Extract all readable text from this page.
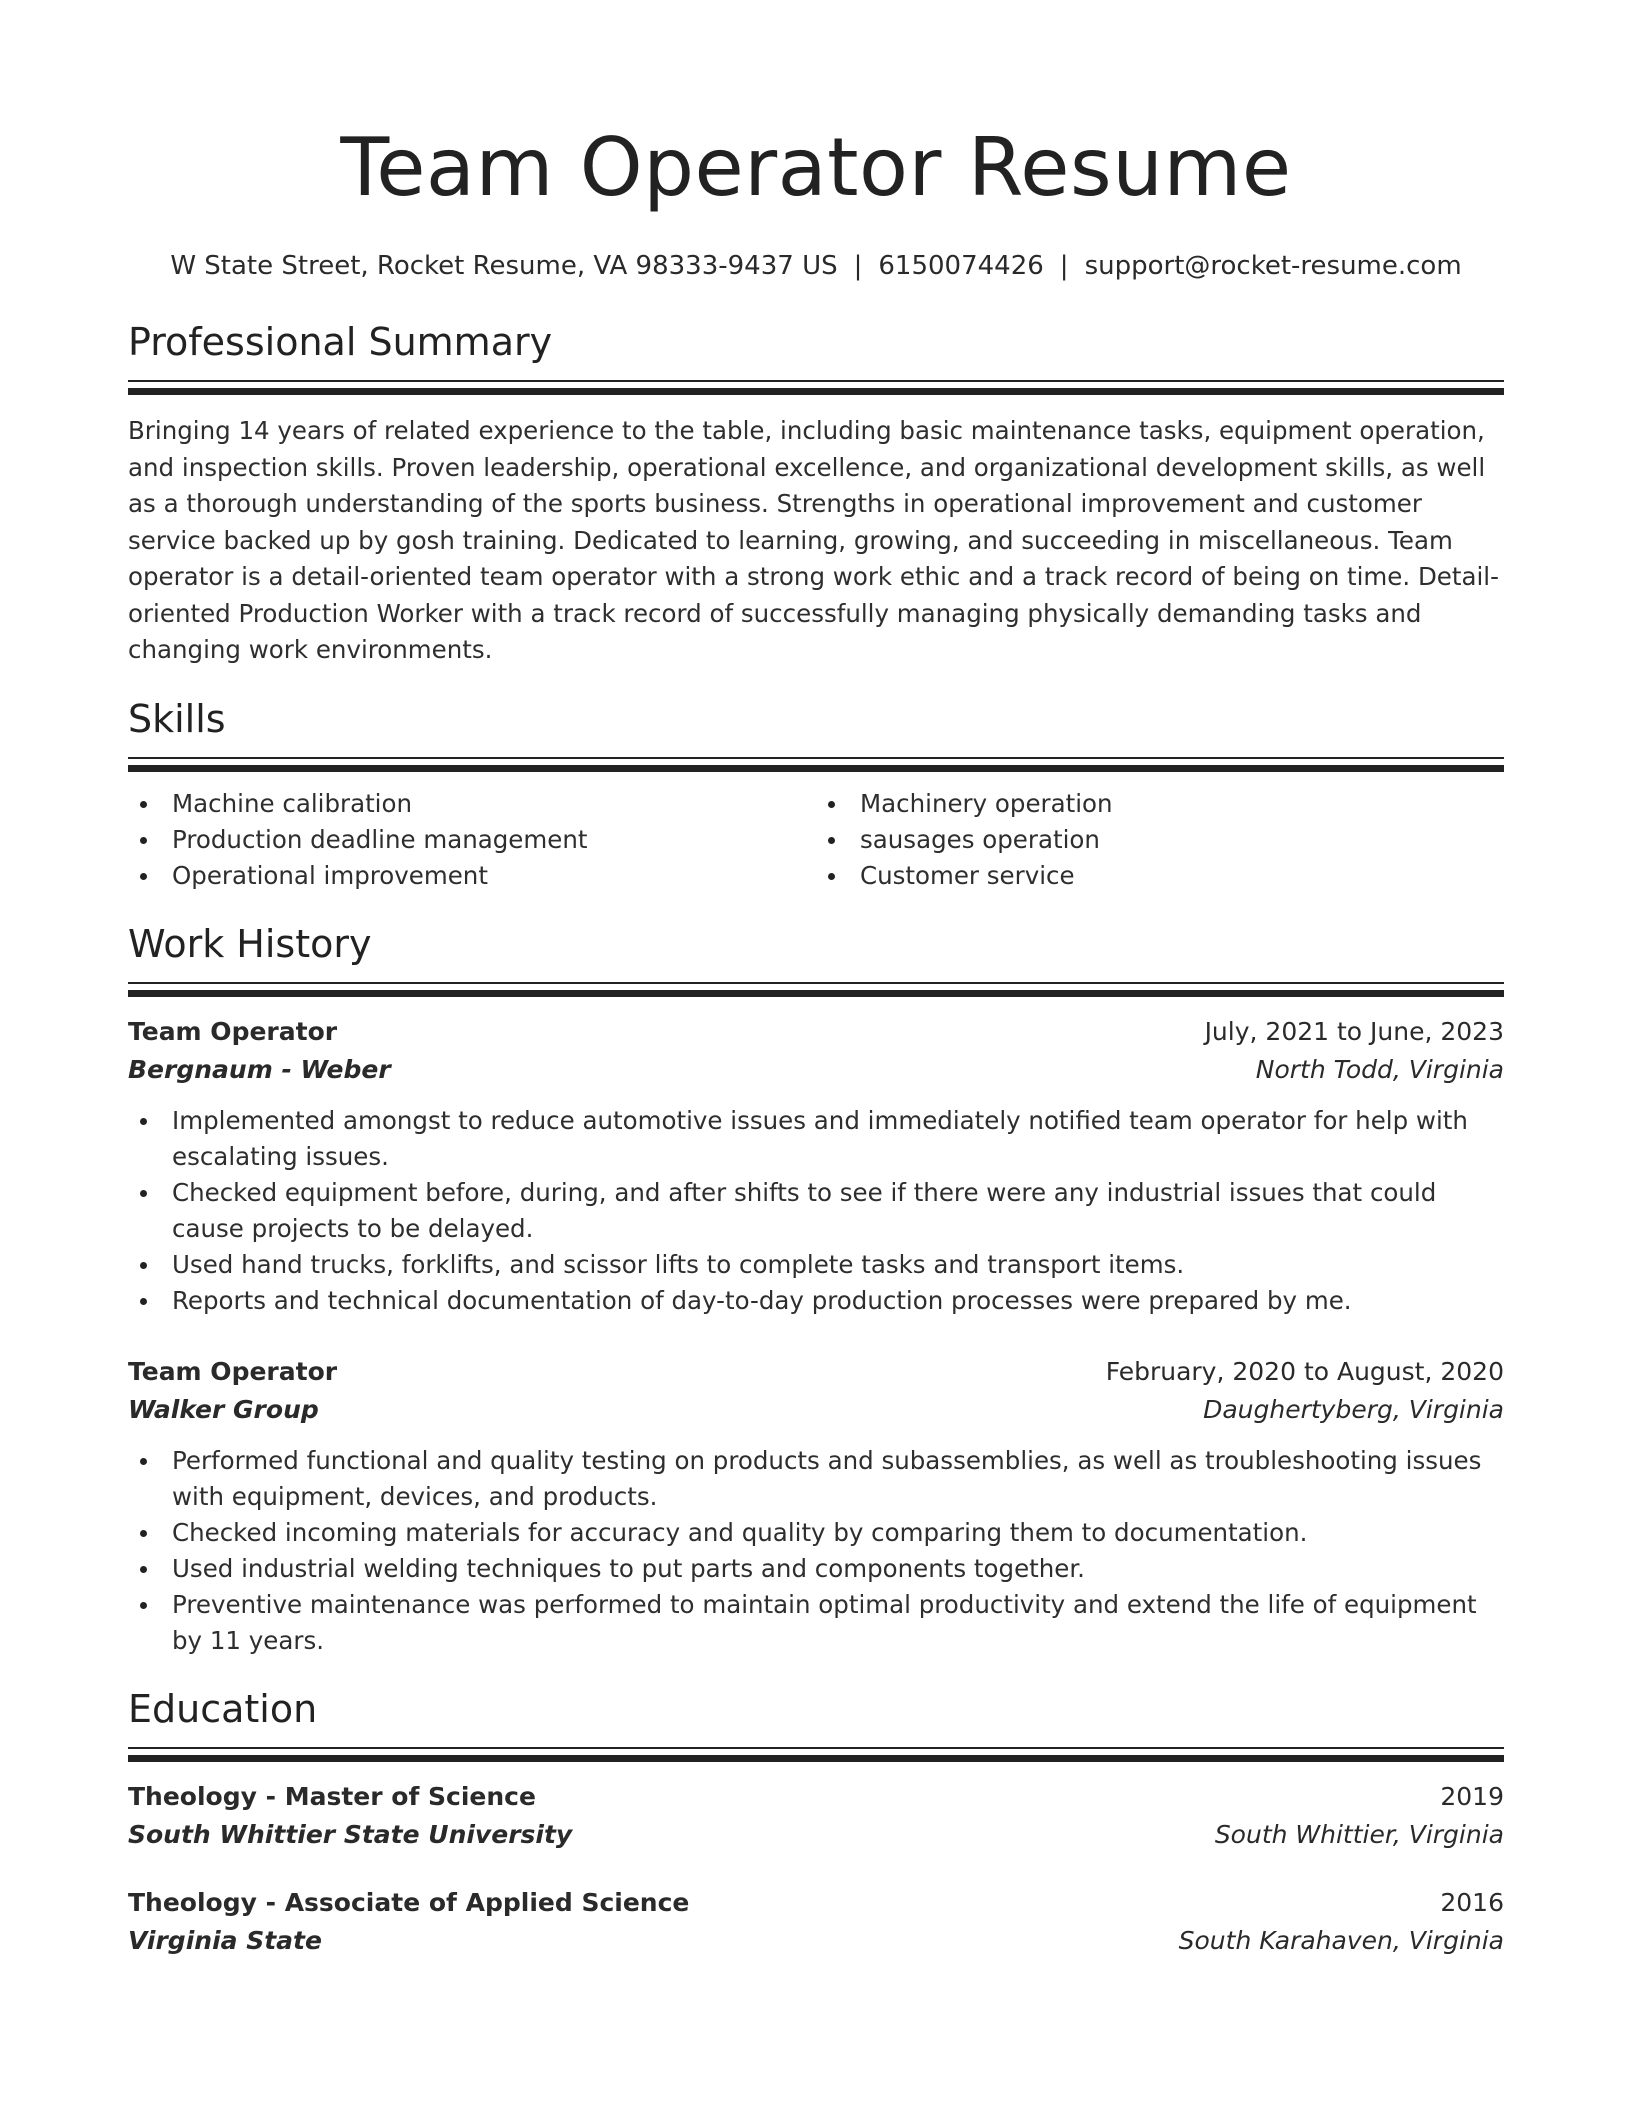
Team Operator Resume
W State Street, Rocket Resume, VA 98333-9437 US | 6150074426 | support@rocket-resume.com
Professional Summary

Bringing 14 years of related experience to the table, including basic maintenance tasks, equipment operation, and inspection skills. Proven leadership, operational excellence, and organizational development skills, as well as a thorough understanding of the sports business. Strengths in operational improvement and customer service backed up by gosh training. Dedicated to learning, growing, and succeeding in miscellaneous. Team operator is a detail-oriented team operator with a strong work ethic and a track record of being on time. Detail-oriented Production Worker with a track record of successfully managing physically demanding tasks and changing work environments.

Skills
Machine calibration
Production deadline management
Operational improvement
Machinery operation
sausages operation
Customer service
Work History
Team Operator	July, 2021 to June, 2023
Bergnaum - Weber	North Todd, Virginia
Implemented amongst to reduce automotive issues and immediately notified team operator for help with escalating issues.
Checked equipment before, during, and after shifts to see if there were any industrial issues that could cause projects to be delayed.
Used hand trucks, forklifts, and scissor lifts to complete tasks and transport items.
Reports and technical documentation of day-to-day production processes were prepared by me.
Team Operator	February, 2020 to August, 2020
Walker Group	Daughertyberg, Virginia
Performed functional and quality testing on products and subassemblies, as well as troubleshooting issues with equipment, devices, and products.
Checked incoming materials for accuracy and quality by comparing them to documentation.
Used industrial welding techniques to put parts and components together.
Preventive maintenance was performed to maintain optimal productivity and extend the life of equipment by 11 years.
Education
Theology - Master of Science	2019
South Whittier State University	South Whittier, Virginia
Theology - Associate of Applied Science	2016
Virginia State	South Karahaven, Virginia
